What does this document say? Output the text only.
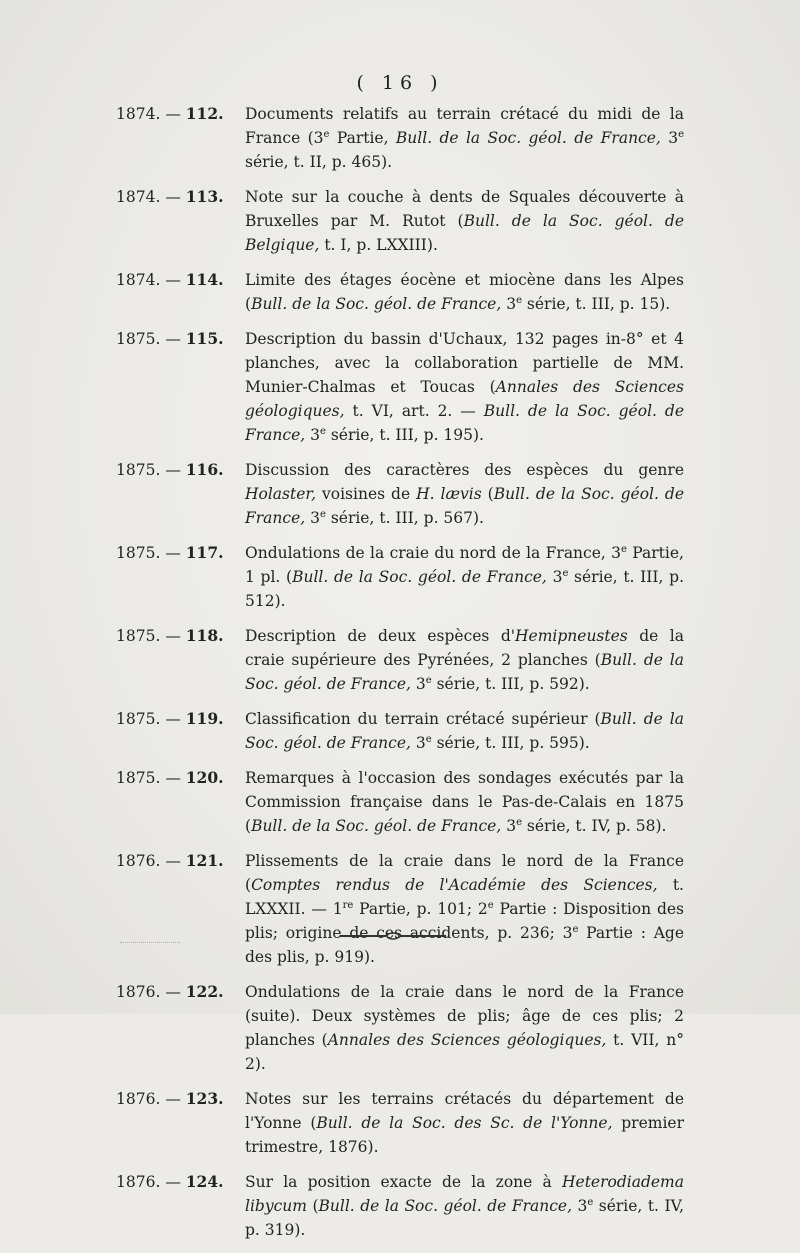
( 16 )
1874. — 112. Documents relatifs au terrain crétacé du midi de la France (3e Partie, Bull. de la Soc. géol. de France, 3e série, t. II, p. 465).
1874. — 113. Note sur la couche à dents de Squales découverte à Bruxelles par M. Rutot (Bull. de la Soc. géol. de Belgique, t. I, p. LXXIII).
1874. — 114. Limite des étages éocène et miocène dans les Alpes (Bull. de la Soc. géol. de France, 3e série, t. III, p. 15).
1875. — 115. Description du bassin d'Uchaux, 132 pages in-8° et 4 planches, avec la collaboration partielle de MM. Munier-Chalmas et Toucas (Annales des Sciences géologiques, t. VI, art. 2. — Bull. de la Soc. géol. de France, 3e série, t. III, p. 195).
1875. — 116. Discussion des caractères des espèces du genre Holaster, voisines de H. lævis (Bull. de la Soc. géol. de France, 3e série, t. III, p. 567).
1875. — 117. Ondulations de la craie du nord de la France, 3e Partie, 1 pl. (Bull. de la Soc. géol. de France, 3e série, t. III, p. 512).
1875. — 118. Description de deux espèces d'Hemipneustes de la craie supérieure des Pyrénées, 2 planches (Bull. de la Soc. géol. de France, 3e série, t. III, p. 592).
1875. — 119. Classification du terrain crétacé supérieur (Bull. de la Soc. géol. de France, 3e série, t. III, p. 595).
1875. — 120. Remarques à l'occasion des sondages exécutés par la Commission française dans le Pas-de-Calais en 1875 (Bull. de la Soc. géol. de France, 3e série, t. IV, p. 58).
1876. — 121. Plissements de la craie dans le nord de la France (Comptes rendus de l'Académie des Sciences, t. LXXXII. — 1re Partie, p. 101; 2e Partie : Disposition des plis; origine de ces accidents, p. 236; 3e Partie : Age des plis, p. 919).
1876. — 122. Ondulations de la craie dans le nord de la France (suite). Deux systèmes de plis; âge de ces plis; 2 planches (Annales des Sciences géologiques, t. VII, n° 2).
1876. — 123. Notes sur les terrains crétacés du département de l'Yonne (Bull. de la Soc. des Sc. de l'Yonne, premier trimestre, 1876).
1876. — 124. Sur la position exacte de la zone à Heterodiadema libycum (Bull. de la Soc. géol. de France, 3e série, t. IV, p. 319).
